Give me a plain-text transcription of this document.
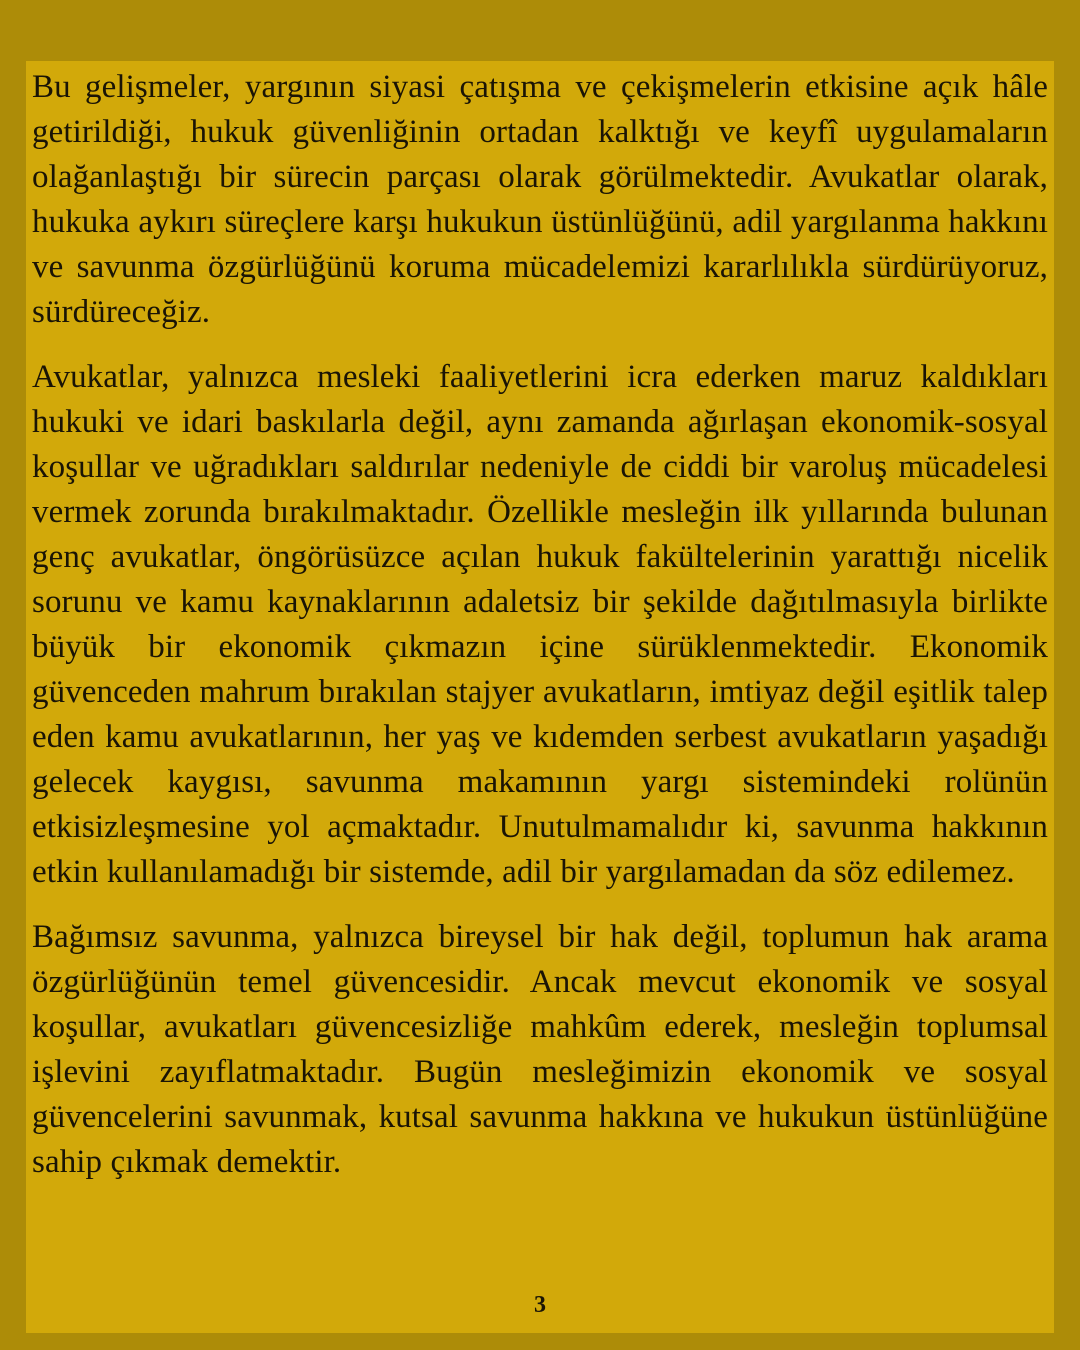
Bu gelişmeler, yargının siyasi çatışma ve çekişmelerin etkisine açık hâle getirildiği, hukuk güvenliğinin ortadan kalktığı ve keyfî uygulamaların olağanlaştığı bir sürecin parçası olarak görülmektedir. Avukatlar olarak, hukuka aykırı süreçlere karşı hukukun üstünlüğünü, adil yargılanma hakkını ve savunma özgürlüğünü koruma mücadelemizi kararlılıkla sürdürüyoruz, sürdüreceğiz.

Avukatlar, yalnızca mesleki faaliyetlerini icra ederken maruz kaldıkları hukuki ve idari baskılarla değil, aynı zamanda ağırlaşan ekonomik-sosyal koşullar ve uğradıkları saldırılar nedeniyle de ciddi bir varoluş mücadelesi vermek zorunda bırakılmaktadır. Özellikle mesleğin ilk yıllarında bulunan genç avukatlar, öngörüsüzce açılan hukuk fakültelerinin yarattığı nicelik sorunu ve kamu kaynaklarının adaletsiz bir şekilde dağıtılmasıyla birlikte büyük bir ekonomik çıkmazın içine sürüklenmektedir. Ekonomik güvenceden mahrum bırakılan stajyer avukatların, imtiyaz değil eşitlik talep eden kamu avukatlarının, her yaş ve kıdemden serbest avukatların yaşadığı gelecek kaygısı, savunma makamının yargı sistemindeki rolünün etkisizleşmesine yol açmaktadır. Unutulmamalıdır ki, savunma hakkının etkin kullanılamadığı bir sistemde, adil bir yargılamadan da söz edilemez.

Bağımsız savunma, yalnızca bireysel bir hak değil, toplumun hak arama özgürlüğünün temel güvencesidir. Ancak mevcut ekonomik ve sosyal koşullar, avukatları güvencesizliğe mahkûm ederek, mesleğin toplumsal işlevini zayıflatmaktadır. Bugün mesleğimizin ekonomik ve sosyal güvencelerini savunmak, kutsal savunma hakkına ve hukukun üstünlüğüne sahip çıkmak demektir.

3
